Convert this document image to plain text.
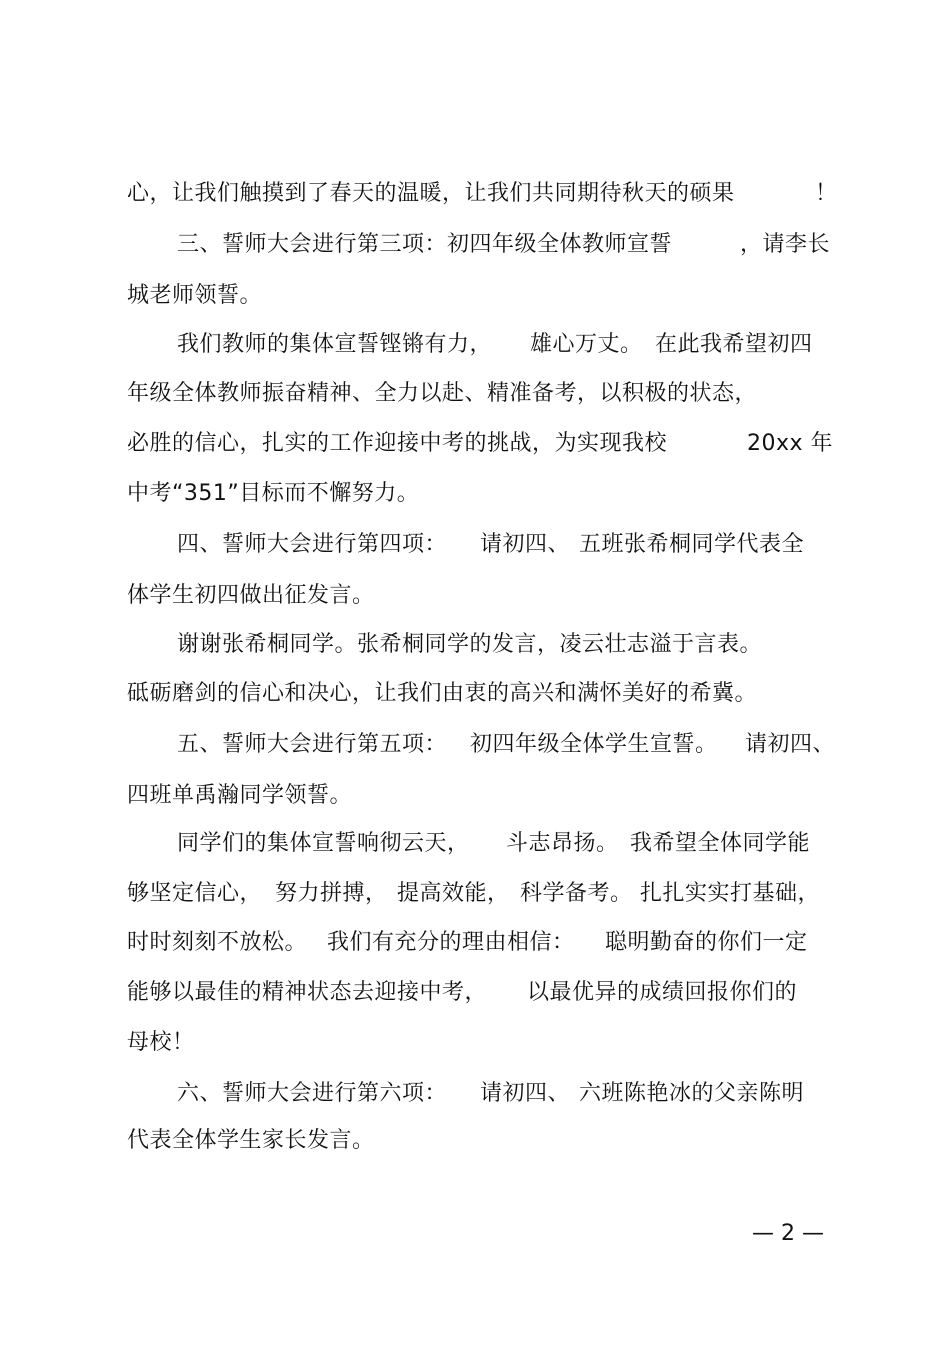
心，让我们触摸到了春天的温暖，让我们共同期待秋天的硕果	！
三、誓师大会进行第三项：初四年级全体教师宣誓	，请李长
城老师领誓。
我们教师的集体宣誓铿锵有力， 雄心万丈。 在此我希望初四
年级全体教师振奋精神、全力以赴、精准备考，以积极的状态，
必胜的信心，扎实的工作迎接中考的挑战，为实现我校	20xx 年
中考“351”目标而不懈努力。
四、誓师大会进行第四项： 请初四、 五班张希桐同学代表全
体学生初四做出征发言。
谢谢张希桐同学。张希桐同学的发言，凌云壮志溢于言表。
砥砺磨剑的信心和决心，让我们由衷的高兴和满怀美好的希冀。
五、誓师大会进行第五项： 初四年级全体学生宣誓。 请初四、
四班单禹瀚同学领誓。
同学们的集体宣誓响彻云天， 斗志昂扬。 我希望全体同学能
够坚定信心， 努力拼搏， 提高效能， 科学备考。 扎扎实实打基础，
时时刻刻不放松。 我们有充分的理由相信： 聪明勤奋的你们一定
能够以最佳的精神状态去迎接中考， 以最优异的成绩回报你们的
母校！
六、誓师大会进行第六项： 请初四、 六班陈艳冰的父亲陈明
代表全体学生家长发言。
— 2 —
